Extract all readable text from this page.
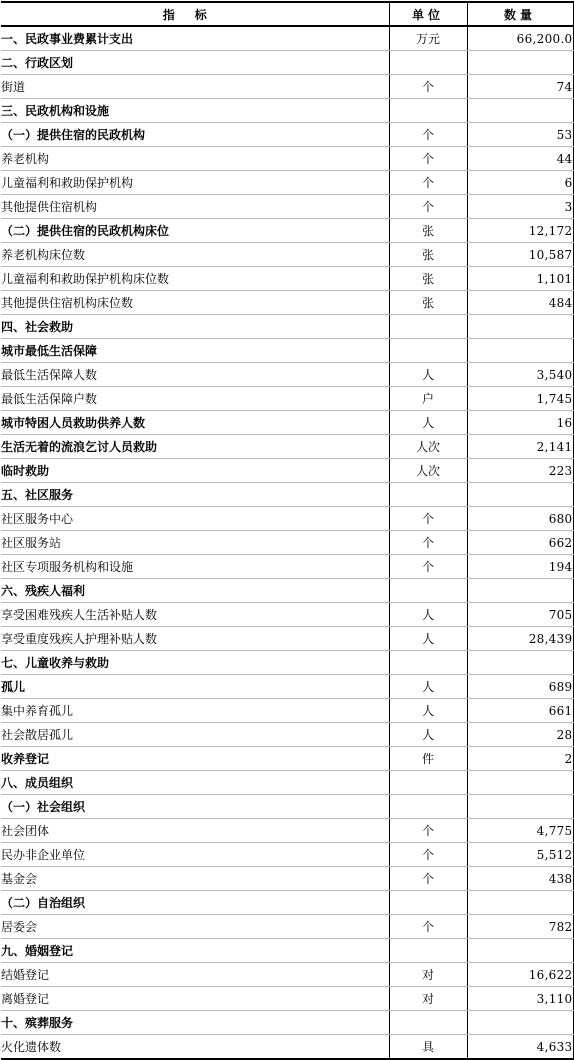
指标	单位	数量
一、民政事业费累计支出	万元	66,200.0
二、行政区划		
街道	个	74
三、民政机构和设施		
（一）提供住宿的民政机构	个	53
养老机构	个	44
儿童福利和救助保护机构	个	6
其他提供住宿机构	个	3
（二）提供住宿的民政机构床位	张	12,172
养老机构床位数	张	10,587
儿童福利和救助保护机构床位数	张	1,101
其他提供住宿机构床位数	张	484
四、社会救助		
城市最低生活保障		
最低生活保障人数	人	3,540
最低生活保障户数	户	1,745
城市特困人员救助供养人数	人	16
生活无着的流浪乞讨人员救助	人次	2,141
临时救助	人次	223
五、社区服务		
社区服务中心	个	680
社区服务站	个	662
社区专项服务机构和设施	个	194
六、残疾人福利		
享受困难残疾人生活补贴人数	人	705
享受重度残疾人护理补贴人数	人	28,439
七、儿童收养与救助		
孤儿	人	689
集中养育孤儿	人	661
社会散居孤儿	人	28
收养登记	件	2
八、成员组织		
（一）社会组织		
社会团体	个	4,775
民办非企业单位	个	5,512
基金会	个	438
（二）自治组织		
居委会	个	782
九、婚姻登记		
结婚登记	对	16,622
离婚登记	对	3,110
十、殡葬服务		
火化遗体数	具	4,633
